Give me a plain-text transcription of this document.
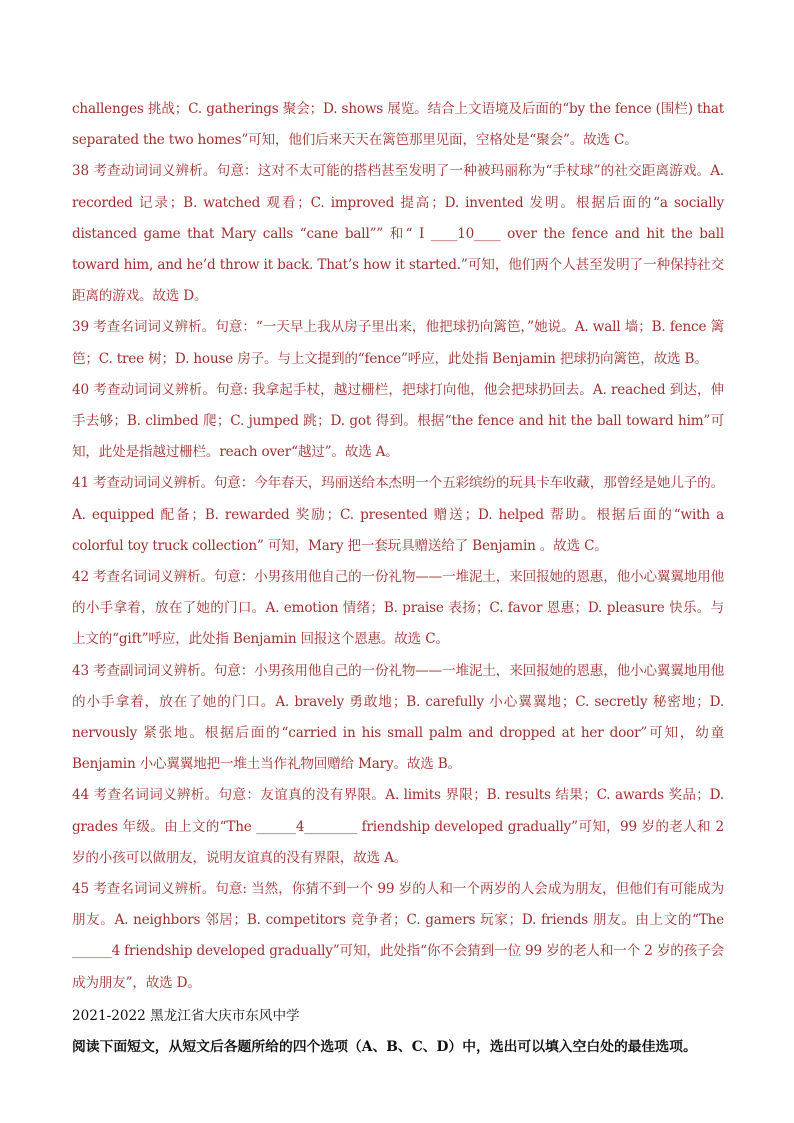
challenges 挑战；C. gatherings 聚会；D. shows 展览。结合上文语境及后面的“by the fence (围栏) that separated the two homes”可知，他们后来天天在篱笆那里见面，空格处是“聚会”。故选 C。

38 考查动词词义辨析。句意：这对不太可能的搭档甚至发明了一种被玛丽称为“手杖球”的社交距离游戏。A. recorded 记录；B. watched 观看；C. improved 提高；D. invented 发明。根据后面的“a socially distanced game that Mary calls “cane ball”” 和“ I ____10____ over the fence and hit the ball toward him, and he’d throw it back. That’s how it started.”可知，他们两个人甚至发明了一种保持社交距离的游戏。故选 D。

39 考查名词词义辨析。句意：“一天早上我从房子里出来，他把球扔向篱笆，”她说。A. wall 墙；B. fence 篱笆；C. tree 树；D. house 房子。与上文提到的“fence”呼应，此处指 Benjamin 把球扔向篱笆，故选 B。

40 考查动词词义辨析。句意: 我拿起手杖，越过栅栏，把球打向他，他会把球扔回去。A. reached 到达，伸手去够；B. climbed 爬；C. jumped 跳；D. got 得到。根据“the fence and hit the ball toward him”可知，此处是指越过栅栏。reach over“越过”。故选 A。

41 考查动词词义辨析。句意：今年春天，玛丽送给本杰明一个五彩缤纷的玩具卡车收藏，那曾经是她儿子的。A. equipped 配备；B. rewarded 奖励；C. presented 赠送；D. helped 帮助。根据后面的“with a colorful toy truck collection” 可知，Mary 把一套玩具赠送给了 Benjamin 。故选 C。

42 考查名词词义辨析。句意：小男孩用他自己的一份礼物——一堆泥土，来回报她的恩惠，他小心翼翼地用他的小手拿着，放在了她的门口。A. emotion 情绪；B. praise 表扬；C. favor 恩惠；D. pleasure 快乐。与上文的“gift”呼应，此处指 Benjamin 回报这个恩惠。故选 C。

43 考查副词词义辨析。句意：小男孩用他自己的一份礼物——一堆泥土，来回报她的恩惠，他小心翼翼地用他的小手拿着，放在了她的门口。A. bravely 勇敢地；B. carefully 小心翼翼地；C. secretly 秘密地；D. nervously 紧张地。根据后面的“carried in his small palm and dropped at her door”可知，幼童 Benjamin 小心翼翼地把一堆土当作礼物回赠给 Mary。故选 B。

44 考查名词词义辨析。句意：友谊真的没有界限。A. limits 界限；B. results 结果；C. awards 奖品；D. grades 年级。由上文的“The ______4________ friendship developed gradually”可知，99 岁的老人和 2 岁的小孩可以做朋友，说明友谊真的没有界限，故选 A。

45 考查名词词义辨析。句意: 当然，你猜不到一个 99 岁的人和一个两岁的人会成为朋友，但他们有可能成为朋友。A. neighbors 邻居；B. competitors 竞争者；C. gamers 玩家；D. friends 朋友。由上文的“The ______4 friendship developed gradually”可知，此处指“你不会猜到一位 99 岁的老人和一个 2 岁的孩子会成为朋友”，故选 D。

2021-2022 黑龙江省大庆市东风中学

阅读下面短文，从短文后各题所给的四个选项（A、B、C、D）中，选出可以填入空白处的最佳选项。
